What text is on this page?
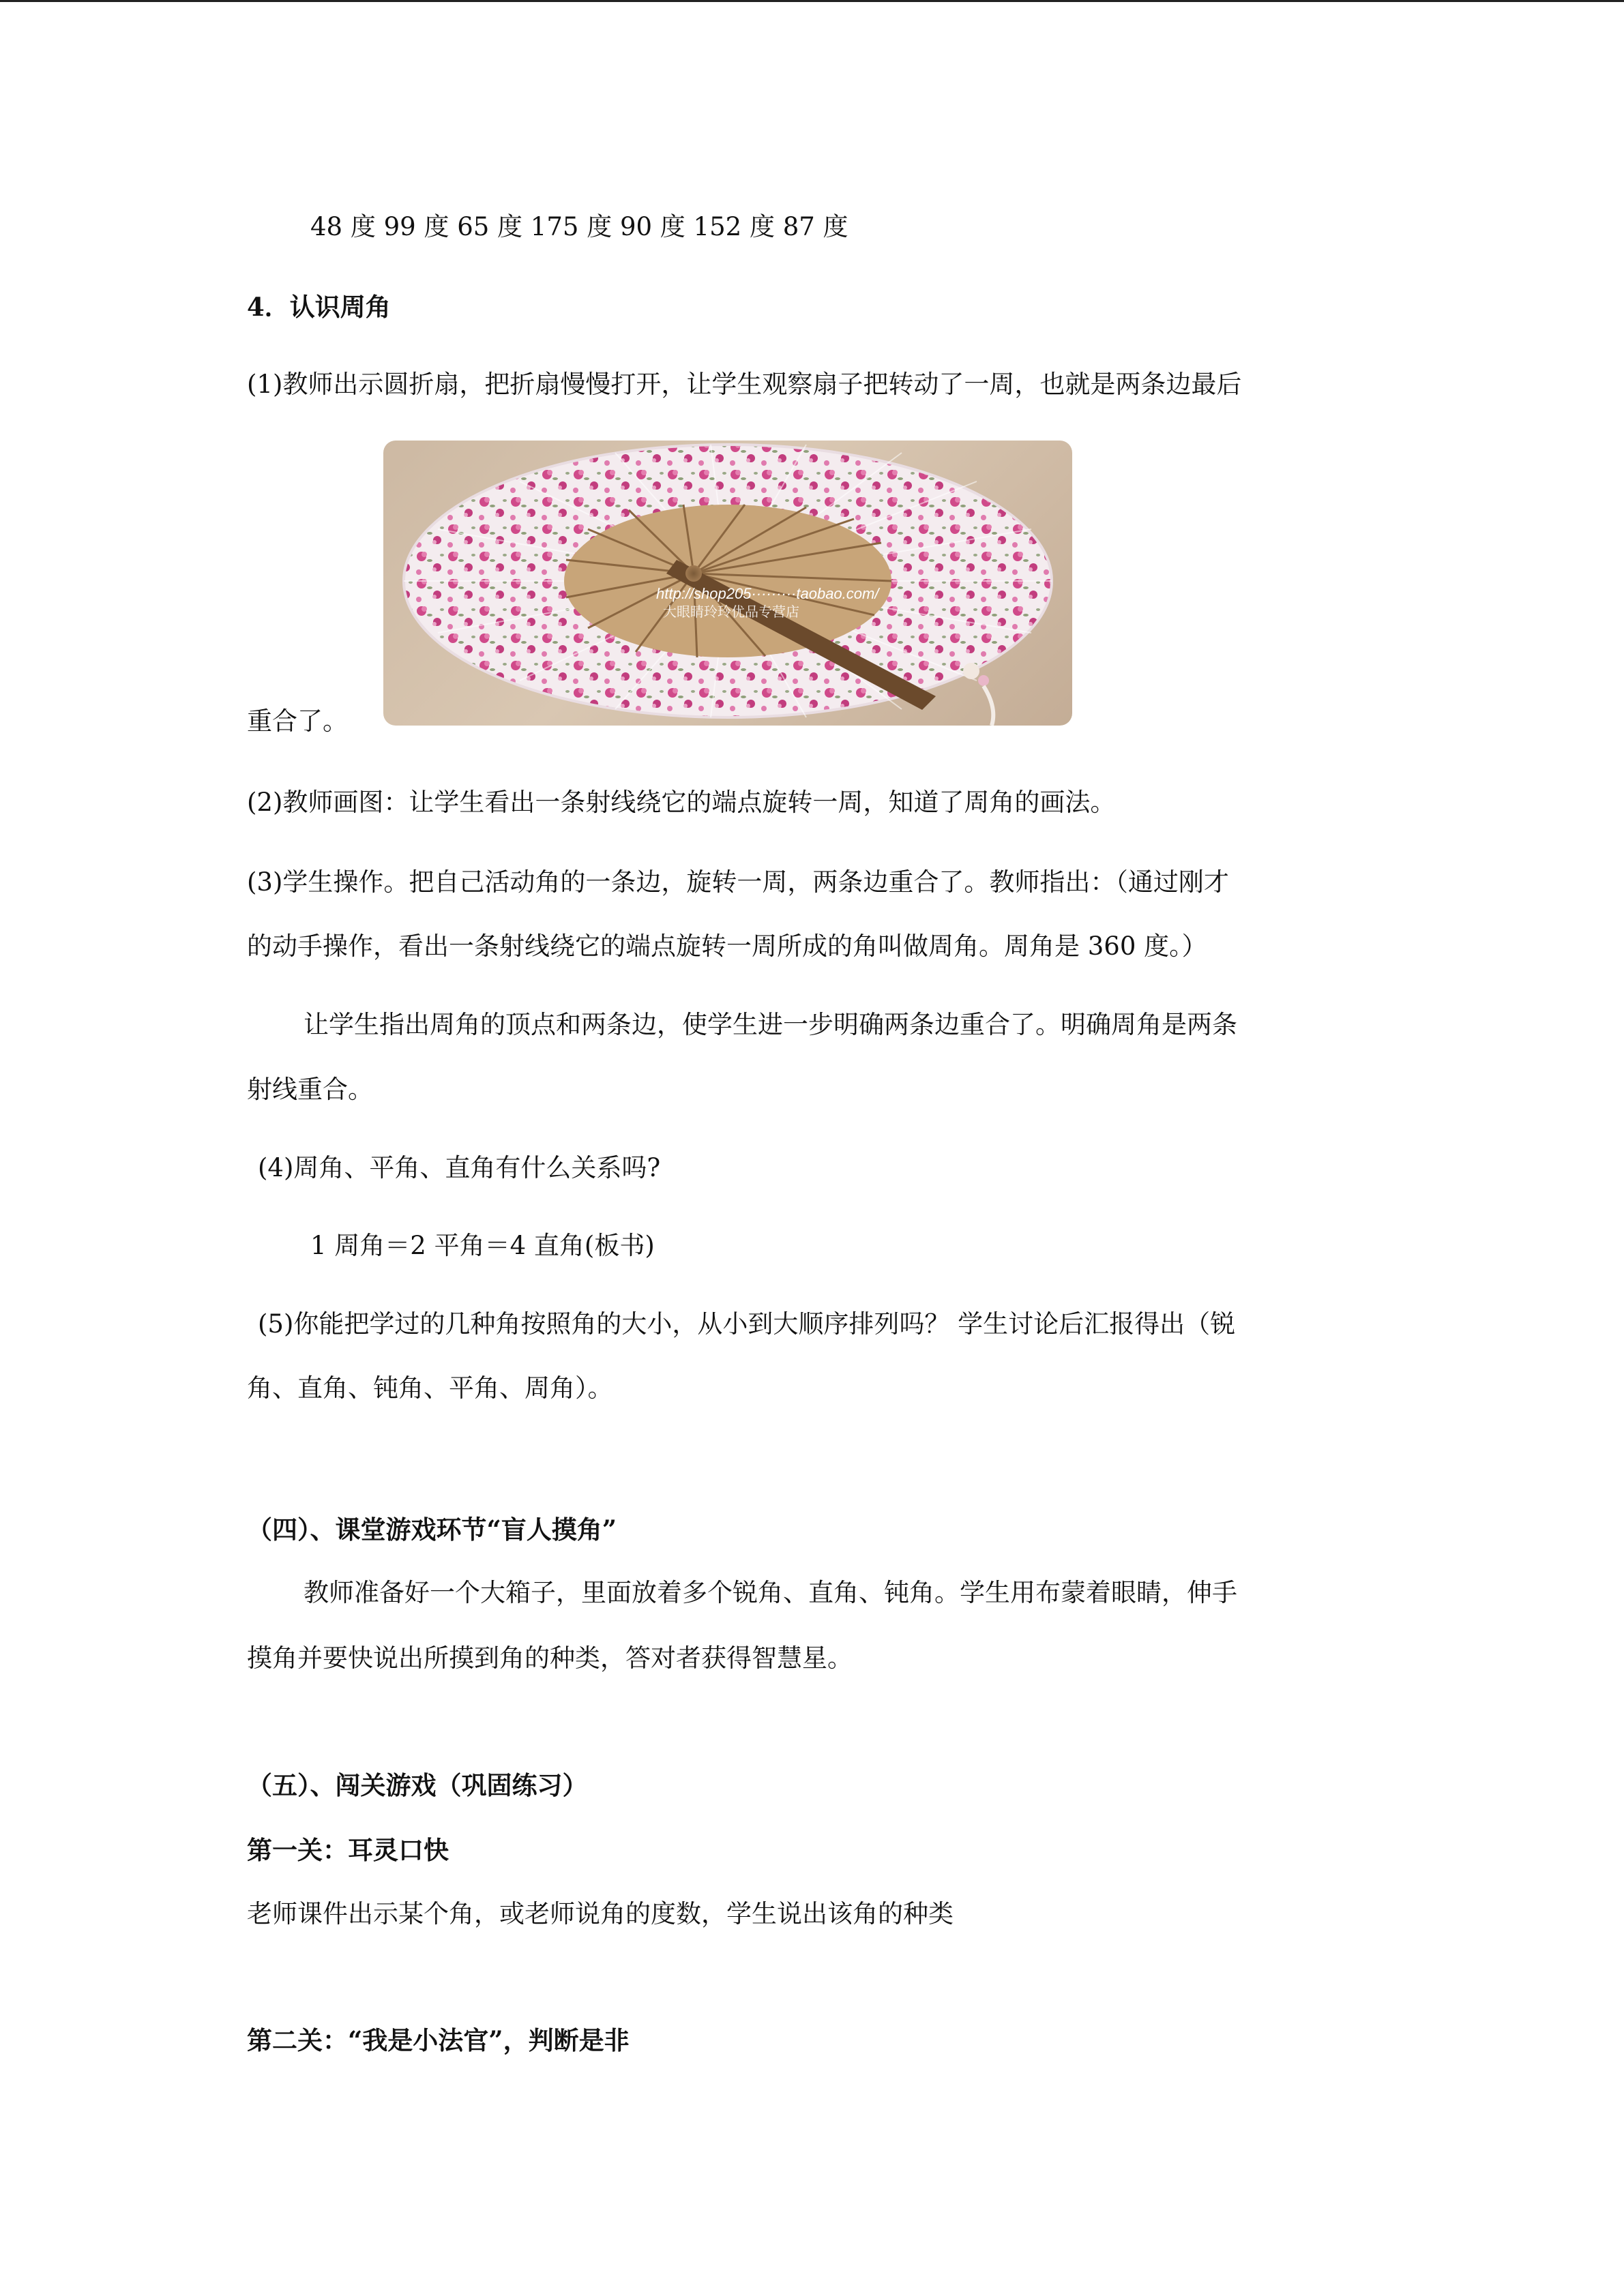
48 度 99 度 65 度 175 度 90 度 152 度 87 度
4．认识周角
(1)教师出示圆折扇，把折扇慢慢打开，让学生观察扇子把转动了一周，也就是两条边最后
http://shop205·········taobao.com/
大眼睛玲玲优品专营店
重合了。
(2)教师画图：让学生看出一条射线绕它的端点旋转一周，知道了周角的画法。
(3)学生操作。把自己活动角的一条边，旋转一周，两条边重合了。教师指出：（通过刚才
的动手操作，看出一条射线绕它的端点旋转一周所成的角叫做周角。周角是 360 度。）
让学生指出周角的顶点和两条边，使学生进一步明确两条边重合了。明确周角是两条
射线重合。
(4)周角、平角、直角有什么关系吗?
1 周角＝2 平角＝4 直角(板书)
(5)你能把学过的几种角按照角的大小，从小到大顺序排列吗？ 学生讨论后汇报得出（锐
角、直角、钝角、平角、周角）。
（四）、课堂游戏环节“盲人摸角”
教师准备好一个大箱子，里面放着多个锐角、直角、钝角。学生用布蒙着眼睛，伸手
摸角并要快说出所摸到角的种类，答对者获得智慧星。
（五）、闯关游戏（巩固练习）
第一关：耳灵口快
老师课件出示某个角，或老师说角的度数，学生说出该角的种类
第二关：“我是小法官”，判断是非
